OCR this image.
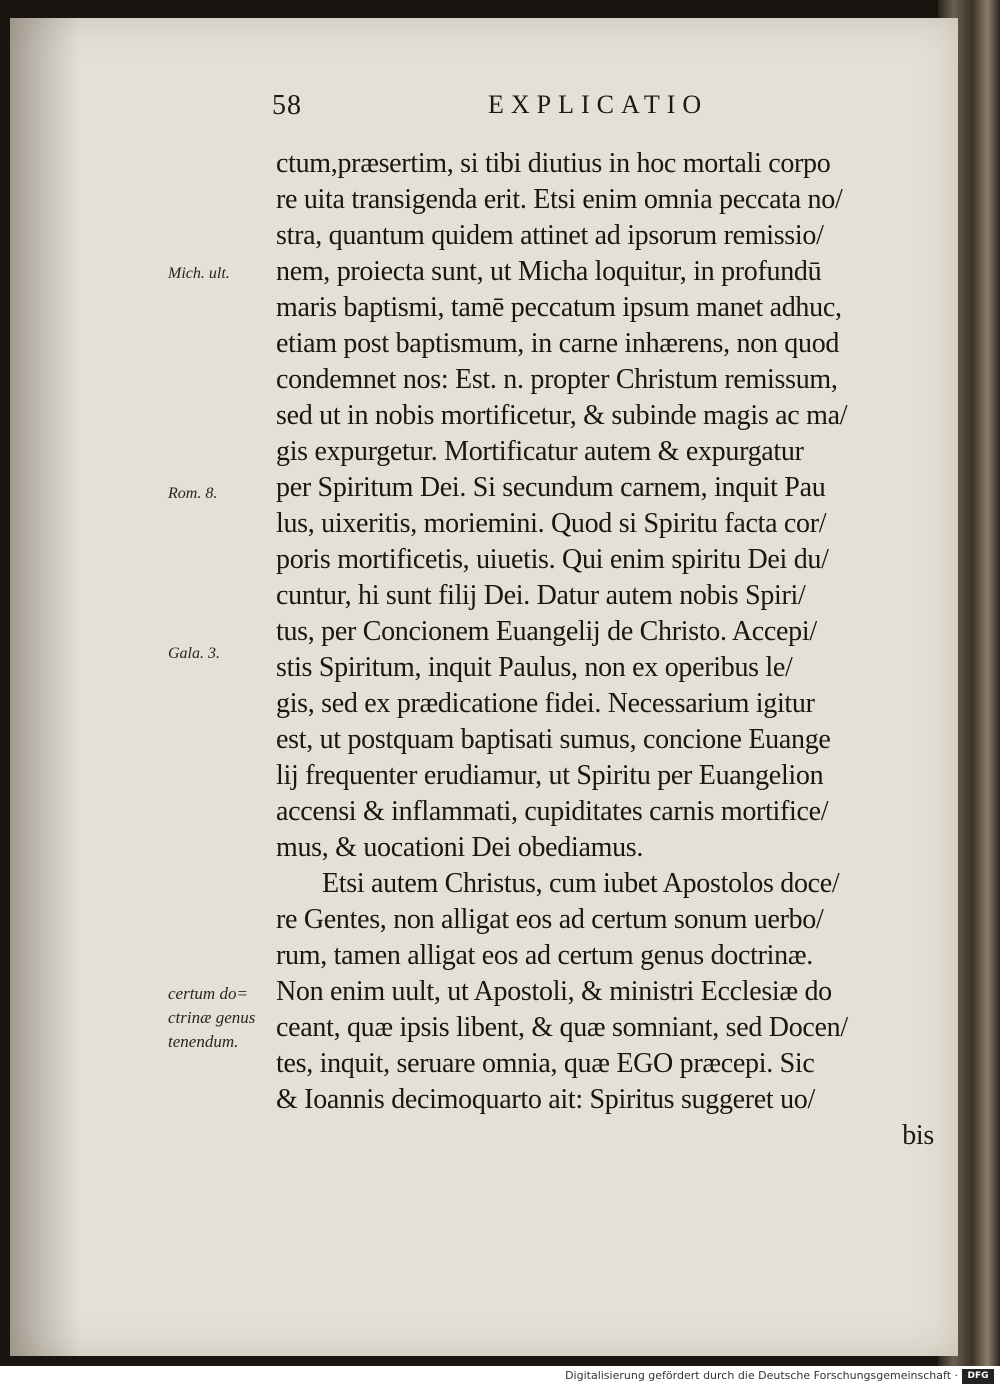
58	EXPLICATIO
Mich. ult.
Rom. 8.
Gala. 3.
certum do=
ctrinæ genus
tenendum.
ctum,præsertim, si tibi diutius in hoc mortali corpo
re uita transigenda erit. Etsi enim omnia peccata no/
stra, quantum quidem attinet ad ipsorum remissio/
nem, proiecta sunt, ut Micha loquitur, in profundū
maris baptismi, tamē peccatum ipsum manet adhuc,
etiam post baptismum, in carne inhærens, non quod
condemnet nos: Est. n. propter Christum remissum,
sed ut in nobis mortificetur, & subinde magis ac ma/
gis expurgetur. Mortificatur autem & expurgatur
per Spiritum Dei. Si secundum carnem, inquit Pau
lus, uixeritis, moriemini. Quod si Spiritu facta cor/
poris mortificetis, uiuetis. Qui enim spiritu Dei du/
cuntur, hi sunt filij Dei. Datur autem nobis Spiri/
tus, per Concionem Euangelij de Christo. Accepi/
stis Spiritum, inquit Paulus, non ex operibus le/
gis, sed ex prædicatione fidei. Necessarium igitur
est, ut postquam baptisati sumus, concione Euange
lij frequenter erudiamur, ut Spiritu per Euangelion
accensi & inflammati, cupiditates carnis mortifice/
mus, & uocationi Dei obediamus.
Etsi autem Christus, cum iubet Apostolos doce/
re Gentes, non alligat eos ad certum sonum uerbo/
rum, tamen alligat eos ad certum genus doctrinæ.
Non enim uult, ut Apostoli, & ministri Ecclesiæ do
ceant, quæ ipsis libent, & quæ somniant, sed Docen/
tes, inquit, seruare omnia, quæ EGO præcepi. Sic
& Ioannis decimoquarto ait: Spiritus suggeret uo/
bis
Digitalisierung gefördert durch die Deutsche Forschungsgemeinschaft ·	DFG
